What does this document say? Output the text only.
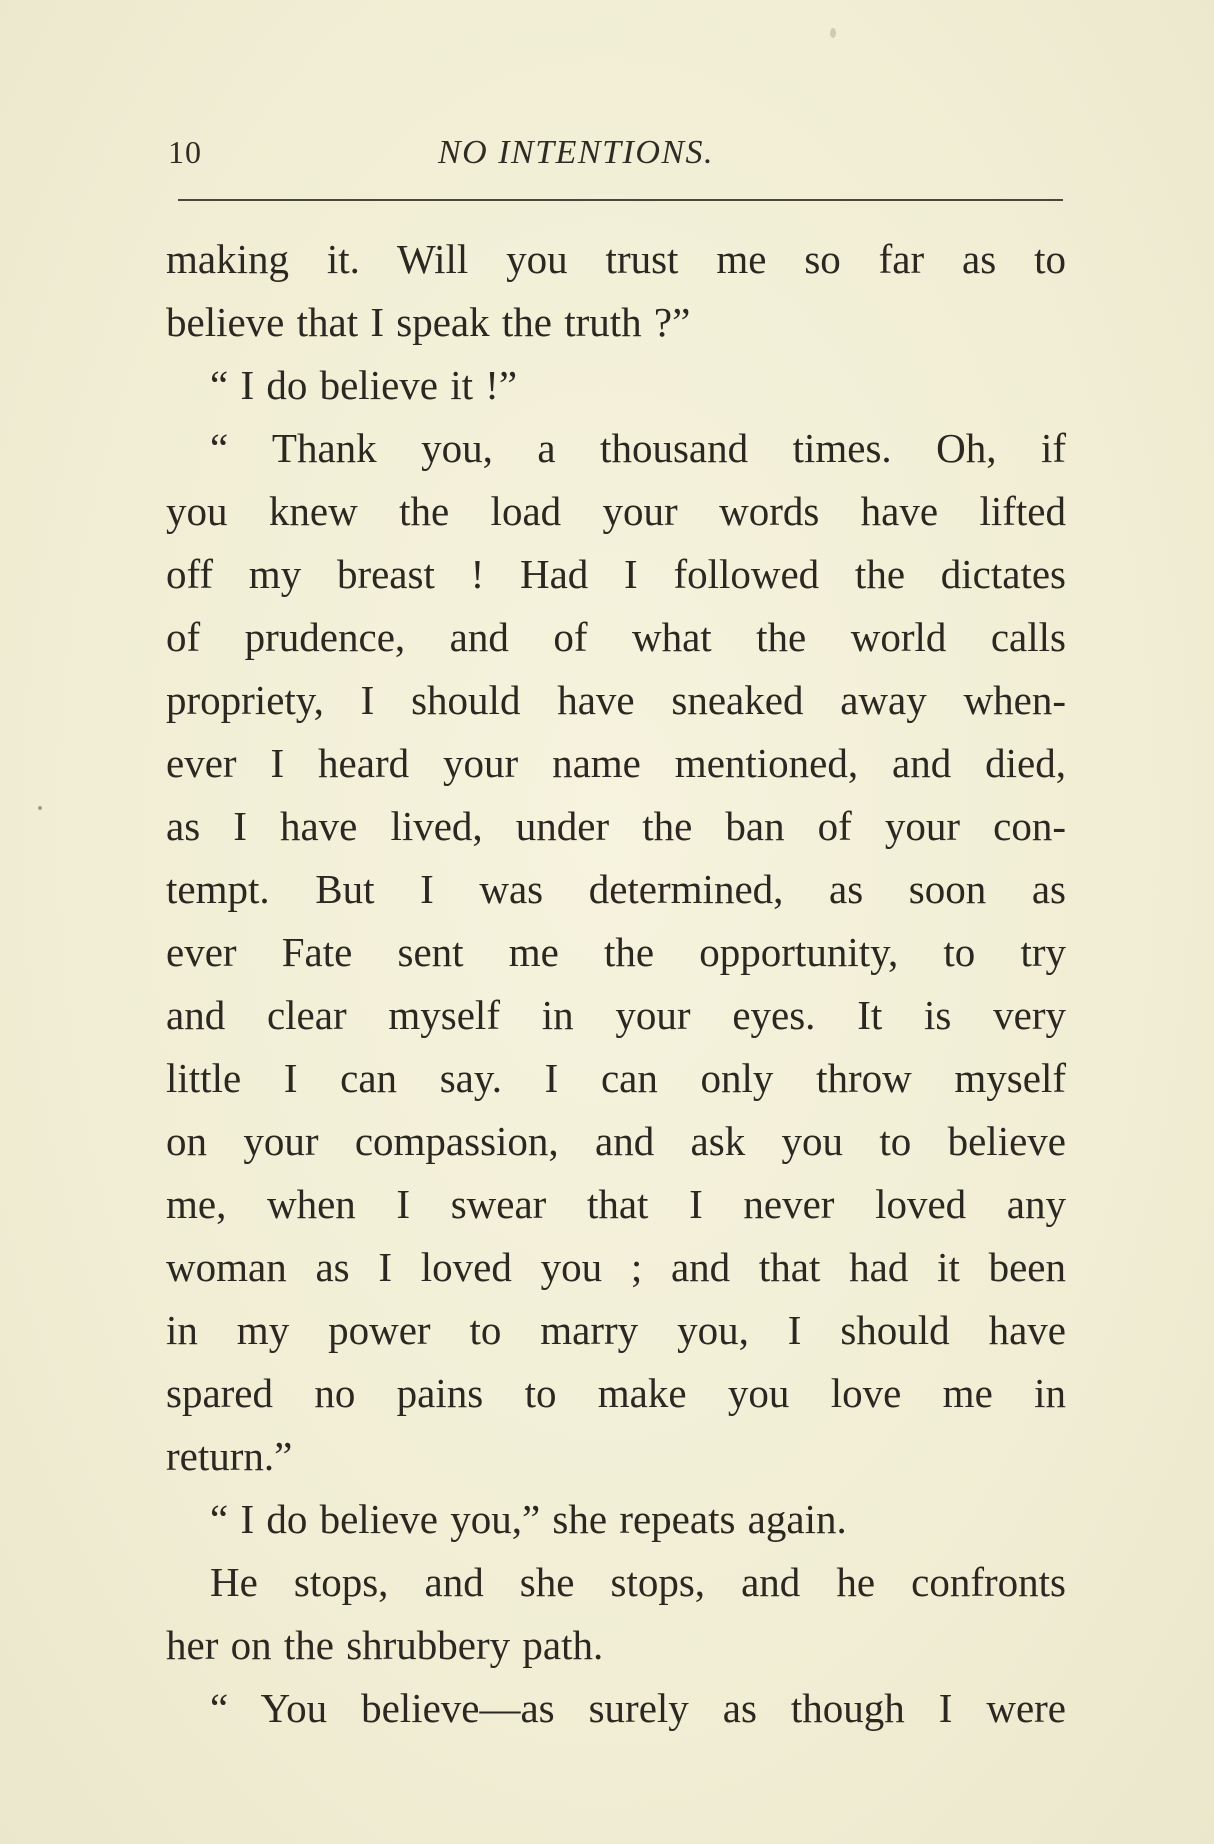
10	NO INTENTIONS.
making it. Will you trust me so far as to
believe that I speak the truth ?”
“ I do believe it !”
“ Thank you, a thousand times. Oh, if
you knew the load your words have lifted
off my breast ! Had I followed the dictates
of prudence, and of what the world calls
propriety, I should have sneaked away when-
ever I heard your name mentioned, and died,
as I have lived, under the ban of your con-
tempt. But I was determined, as soon as
ever Fate sent me the opportunity, to try
and clear myself in your eyes. It is very
little I can say. I can only throw myself
on your compassion, and ask you to believe
me, when I swear that I never loved any
woman as I loved you ; and that had it been
in my power to marry you, I should have
spared no pains to make you love me in
return.”
“ I do believe you,” she repeats again.
He stops, and she stops, and he confronts
her on the shrubbery path.
“ You believe—as surely as though I were
